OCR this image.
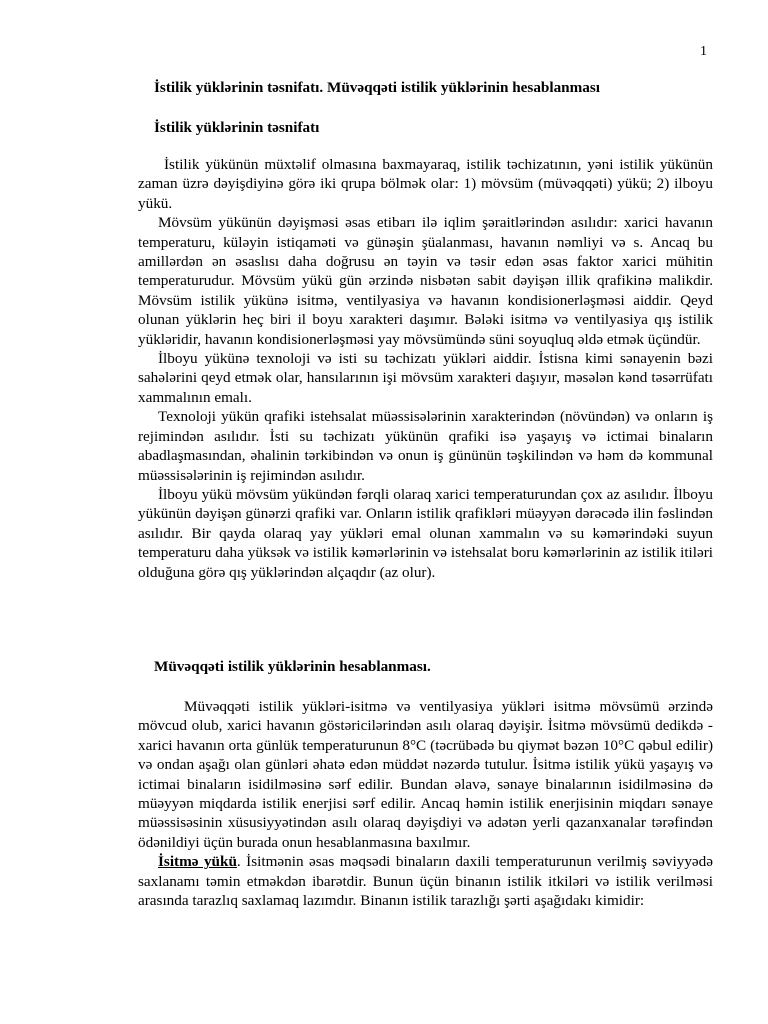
1
İstilik yüklərinin təsnifatı. Müvəqqəti istilik yüklərinin hesablanması
İstilik yüklərinin təsnifatı

İstilik yükünün müxtəlif olmasına baxmayaraq, istilik təchizatının, yəni istilik yükünün zaman üzrə dəyişdiyinə görə iki qrupa bölmək olar: 1) mövsüm (müvəqqəti) yükü; 2) ilboyu yükü.

Mövsüm yükünün dəyişməsi əsas etibarı ilə iqlim şəraitlərindən asılıdır: xarici havanın temperaturu, küləyin istiqaməti və günəşin şüalanması, havanın nəmliyi və s. Ancaq bu amillərdən ən əsaslısı daha doğrusu ən təyin və təsir edən əsas faktor xarici mühitin temperaturudur. Mövsüm yükü gün ərzində nisbətən sabit dəyişən illik qrafikinə malikdir. Mövsüm istilik yükünə isitmə, ventilyasiya və havanın kondisionerləşməsi aiddir. Qeyd olunan yüklərin heç biri il boyu xarakteri daşımır. Bələki isitmə və ventilyasiya qış istilik yükləridir, havanın kondisionerləşməsi yay mövsümündə süni soyuqluq əldə etmək üçündür.

İlboyu yükünə texnoloji və isti su təchizatı yükləri aiddir. İstisna kimi sənayenin bəzi sahələrini qeyd etmək olar, hansılarının işi mövsüm xarakteri daşıyır, məsələn kənd təsərrüfatı xammalının emalı.

Texnoloji yükün qrafiki istehsalat müəssisələrinin xarakterindən (növündən) və onların iş rejimindən asılıdır. İsti su təchizatı yükünün qrafiki isə yaşayış və ictimai binaların abadlaşmasından, əhalinin tərkibindən və onun iş gününün təşkilindən və həm də kommunal müəssisələrinin iş rejimindən asılıdır.

İlboyu yükü mövsüm yükündən fərqli olaraq xarici temperaturundan çox az asılıdır. İlboyu yükünün dəyişən günərzi qrafiki var. Onların istilik qrafikləri müəyyən dərəcədə ilin fəslindən asılıdır. Bir qayda olaraq yay yükləri emal olunan xammalın və su kəmərindəki suyun temperaturu daha yüksək və istilik kəmərlərinin və istehsalat boru kəmərlərinin az istilik itiləri olduğuna görə qış yüklərindən alçaqdır (az olur).

Müvəqqəti istilik yüklərinin hesablanması.

Müvəqqəti istilik yükləri-isitmə və ventilyasiya yükləri isitmə mövsümü ərzində mövcud olub, xarici havanın göstəricilərindən asılı olaraq dəyişir. İsitmə mövsümü dedikdə - xarici havanın orta günlük temperaturunun 8°C (təcrübədə bu qiymət bəzən 10°C qəbul edilir) və ondan aşağı olan günləri əhatə edən müddət nəzərdə tutulur. İsitmə istilik yükü yaşayış və ictimai binaların isidilməsinə sərf edilir. Bundan əlavə, sənaye binalarının isidilməsinə də müəyyən miqdarda istilik enerjisi sərf edilir. Ancaq həmin istilik enerjisinin miqdarı sənaye müəssisəsinin xüsusiyyətindən asılı olaraq dəyişdiyi və adətən yerli qazanxanalar tərəfindən ödənildiyi üçün burada onun hesablanmasına baxılmır.

İsitmə yükü. İsitmənin əsas məqsədi binaların daxili temperaturunun verilmiş səviyyədə saxlanamı təmin etməkdən ibarətdir. Bunun üçün binanın istilik itkiləri və istilik verilməsi arasında tarazlıq saxlamaq lazımdır. Binanın istilik tarazlığı şərti aşağıdakı kimidir:
